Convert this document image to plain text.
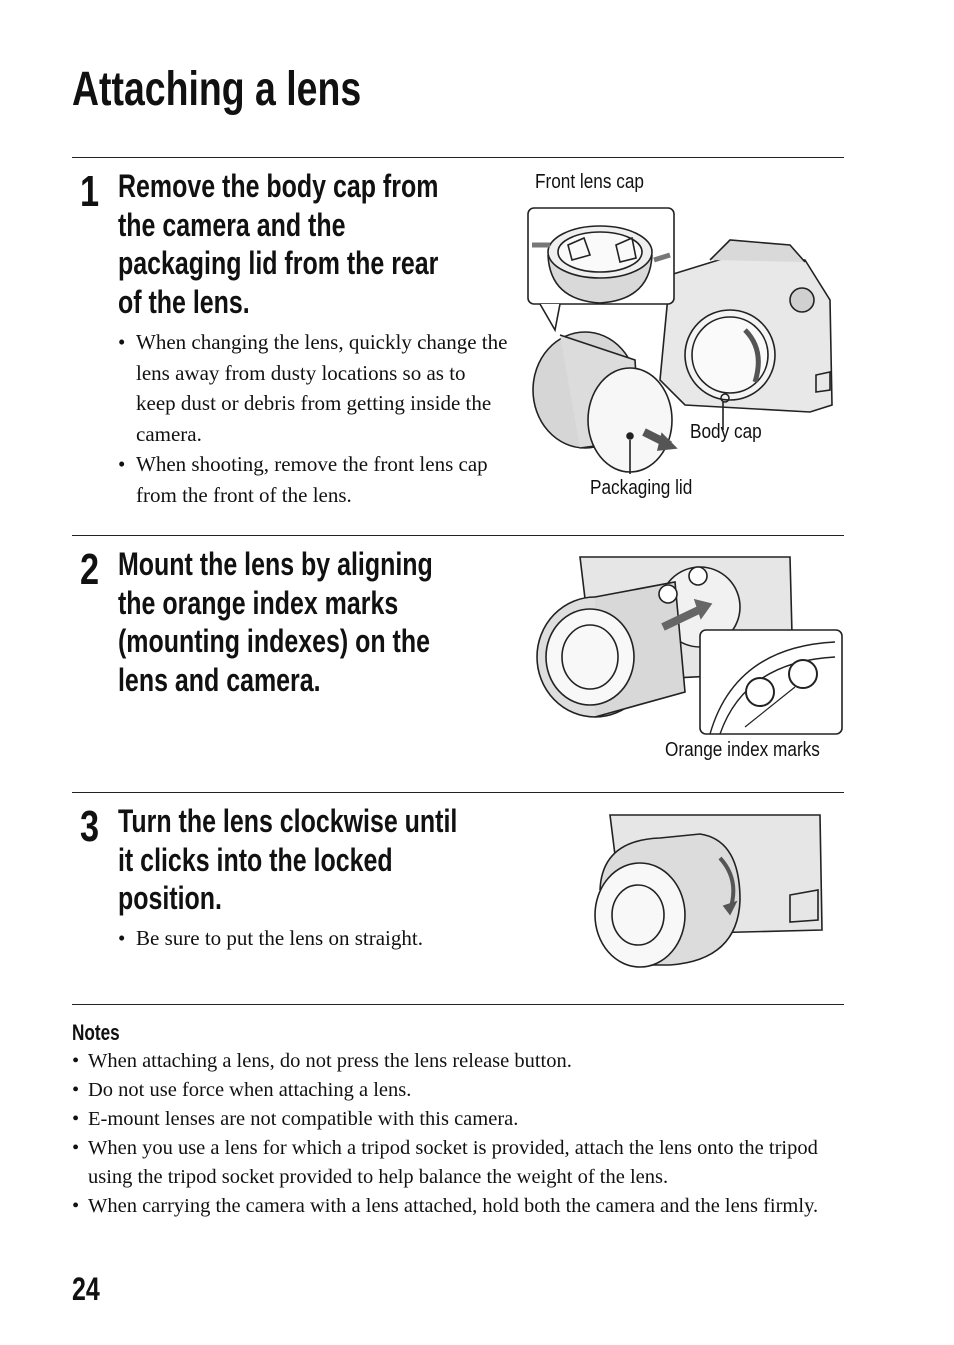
Attaching a lens
1 Remove the body cap from
the camera and the
packaging lid from the rear
of the lens.
• When changing the lens, quickly change the lens away from dusty locations so as to keep dust or debris from getting inside the camera.
• When shooting, remove the front lens cap from the front of the lens.
Front lens cap
Body cap
Packaging lid
2 Mount the lens by aligning
the orange index marks
(mounting indexes) on the
lens and camera.
Orange index marks
3 Turn the lens clockwise until
it clicks into the locked
position.
• Be sure to put the lens on straight.
Notes
• When attaching a lens, do not press the lens release button.
• Do not use force when attaching a lens.
• E-mount lenses are not compatible with this camera.
• When you use a lens for which a tripod socket is provided, attach the lens onto the tripod using the tripod socket provided to help balance the weight of the lens.
• When carrying the camera with a lens attached, hold both the camera and the lens firmly.
24
